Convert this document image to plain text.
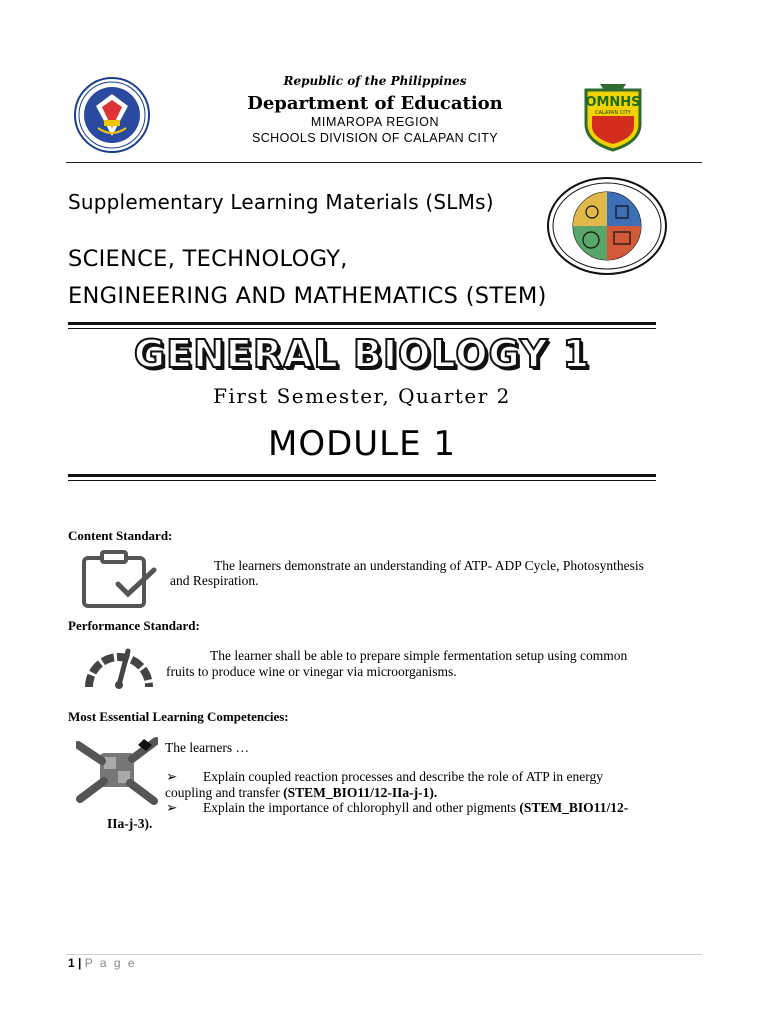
Republic of the Philippines
Department of Education
MIMAROPA REGION
SCHOOLS DIVISION OF CALAPAN CITY
OMNHS
CALAPAN CITY
Supplementary Learning Materials (SLMs)
SCIENCE, TECHNOLOGY,
ENGINEERING AND MATHEMATICS (STEM)
GENERAL BIOLOGY 1
First Semester, Quarter 2
MODULE 1
Content Standard:
The learners demonstrate an understanding of ATP- ADP Cycle, Photosynthesis
and Respiration.
Performance Standard:
The learner shall be able to prepare simple fermentation setup using common
fruits to produce wine or vinegar via microorganisms.
Most Essential Learning Competencies:
The learners …
➢ Explain coupled reaction processes and describe the role of ATP in energy
coupling and transfer (STEM_BIO11/12-IIa-j-1).
➢ Explain the importance of chlorophyll and other pigments (STEM_BIO11/12-
IIa-j-3).
1 | P a g e
